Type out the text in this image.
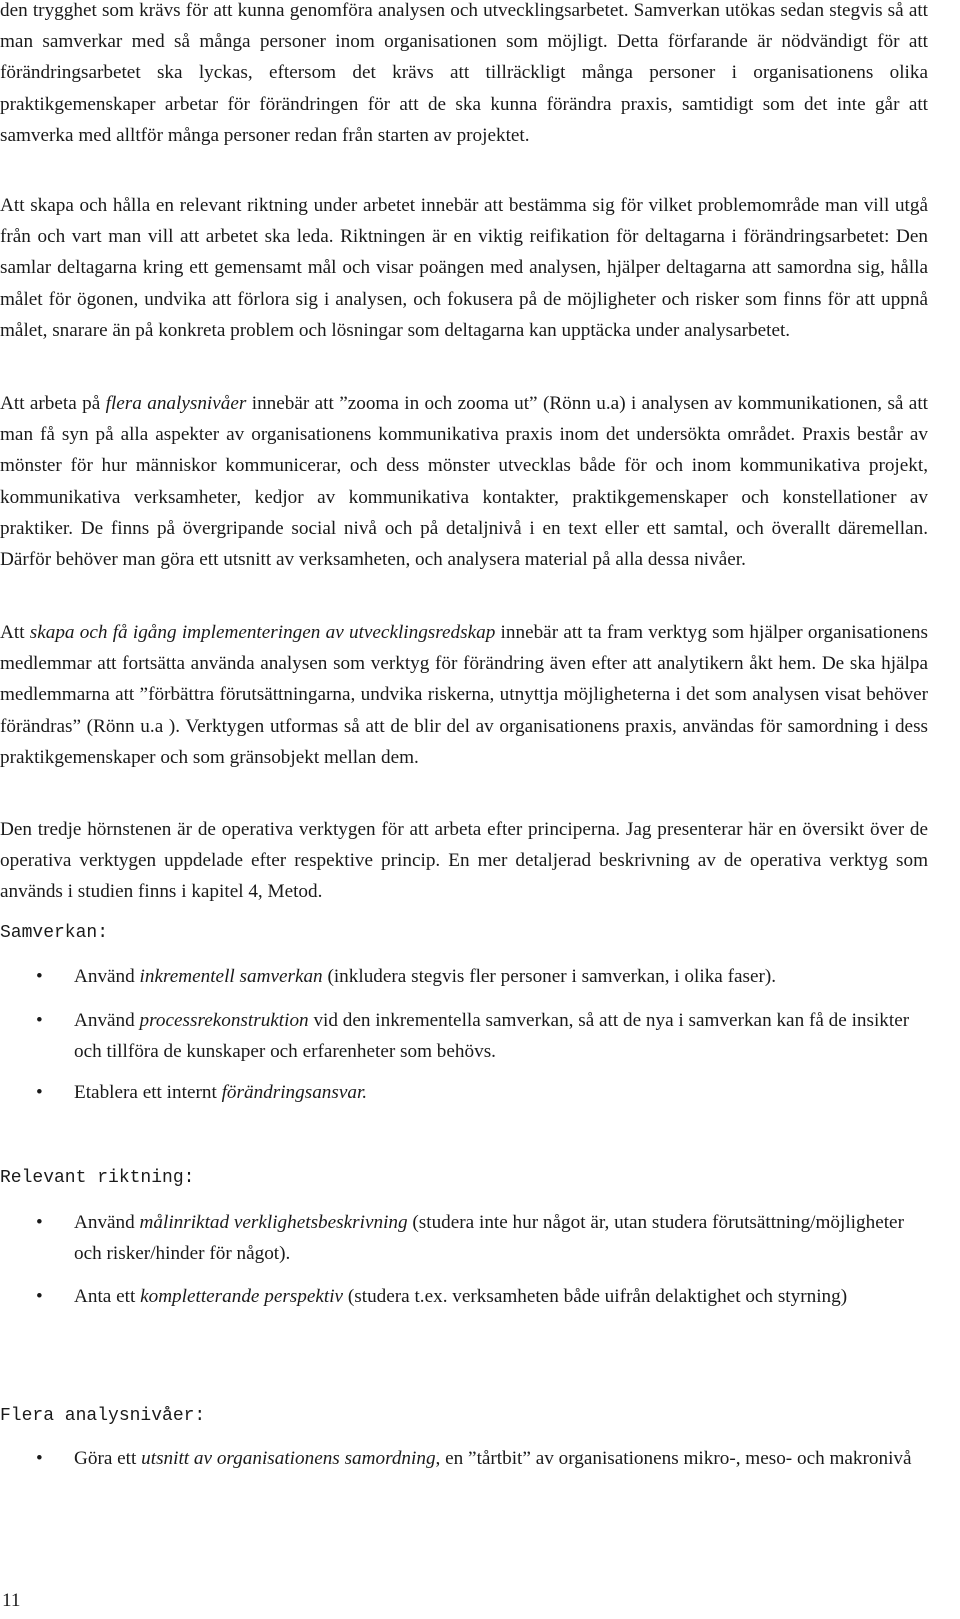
den trygghet som krävs för att kunna genomföra analysen och utvecklingsarbetet. Samverkan utökas sedan stegvis så att man samverkar med så många personer inom organisationen som möjligt. Detta förfarande är nödvändigt för att förändringsarbetet ska lyckas, eftersom det krävs att tillräckligt många personer i organisationens olika praktikgemenskaper arbetar för förändringen för att de ska kunna förändra praxis, samtidigt som det inte går att samverka med alltför många personer redan från starten av projektet.

Att skapa och hålla en relevant riktning under arbetet innebär att bestämma sig för vilket problemområde man vill utgå från och vart man vill att arbetet ska leda. Riktningen är en viktig reifikation för deltagarna i förändringsarbetet: Den samlar deltagarna kring ett gemensamt mål och visar poängen med analysen, hjälper deltagarna att samordna sig, hålla målet för ögonen, undvika att förlora sig i analysen, och fokusera på de möjligheter och risker som finns för att uppnå målet, snarare än på konkreta problem och lösningar som deltagarna kan upptäcka under analysarbetet.

Att arbeta på flera analysnivåer innebär att ”zooma in och zooma ut” (Rönn u.a) i analysen av kommunikationen, så att man få syn på alla aspekter av organisationens kommunikativa praxis inom det undersökta området. Praxis består av mönster för hur människor kommunicerar, och dess mönster utvecklas både för och inom kommunikativa projekt, kommunikativa verksamheter, kedjor av kommunikativa kontakter, praktikgemenskaper och konstellationer av praktiker. De finns på övergripande social nivå och på detaljnivå i en text eller ett samtal, och överallt däremellan. Därför behöver man göra ett utsnitt av verksamheten, och analysera material på alla dessa nivåer.

Att skapa och få igång implementeringen av utvecklingsredskap innebär att ta fram verktyg som hjälper organisationens medlemmar att fortsätta använda analysen som verktyg för förändring även efter att analytikern åkt hem. De ska hjälpa medlemmarna att ”förbättra förutsättningarna, undvika riskerna, utnyttja möjligheterna i det som analysen visat behöver förändras” (Rönn u.a ). Verktygen utformas så att de blir del av organisationens praxis, användas för samordning i dess praktikgemenskaper och som gränsobjekt mellan dem.

Den tredje hörnstenen är de operativa verktygen för att arbeta efter principerna. Jag presenterar här en översikt över de operativa verktygen uppdelade efter respektive princip. En mer detaljerad beskrivning av de operativa verktyg som används i studien finns i kapitel 4, Metod.

Samverkan:
• Använd inkrementell samverkan (inkludera stegvis fler personer i samverkan, i olika faser).
• Använd processrekonstruktion vid den inkrementella samverkan, så att de nya i samverkan kan få de insikter och tillföra de kunskaper och erfarenheter som behövs.
• Etablera ett internt förändringsansvar.
Relevant riktning:
• Använd målinriktad verklighetsbeskrivning (studera inte hur något är, utan studera förutsättning/möjligheter och risker/hinder för något).
• Anta ett kompletterande perspektiv (studera t.ex. verksamheten både uifrån delaktighet och styrning)
Flera analysnivåer:
• Göra ett utsnitt av organisationens samordning, en ”tårtbit” av organisationens mikro-, meso- och makronivå
11
